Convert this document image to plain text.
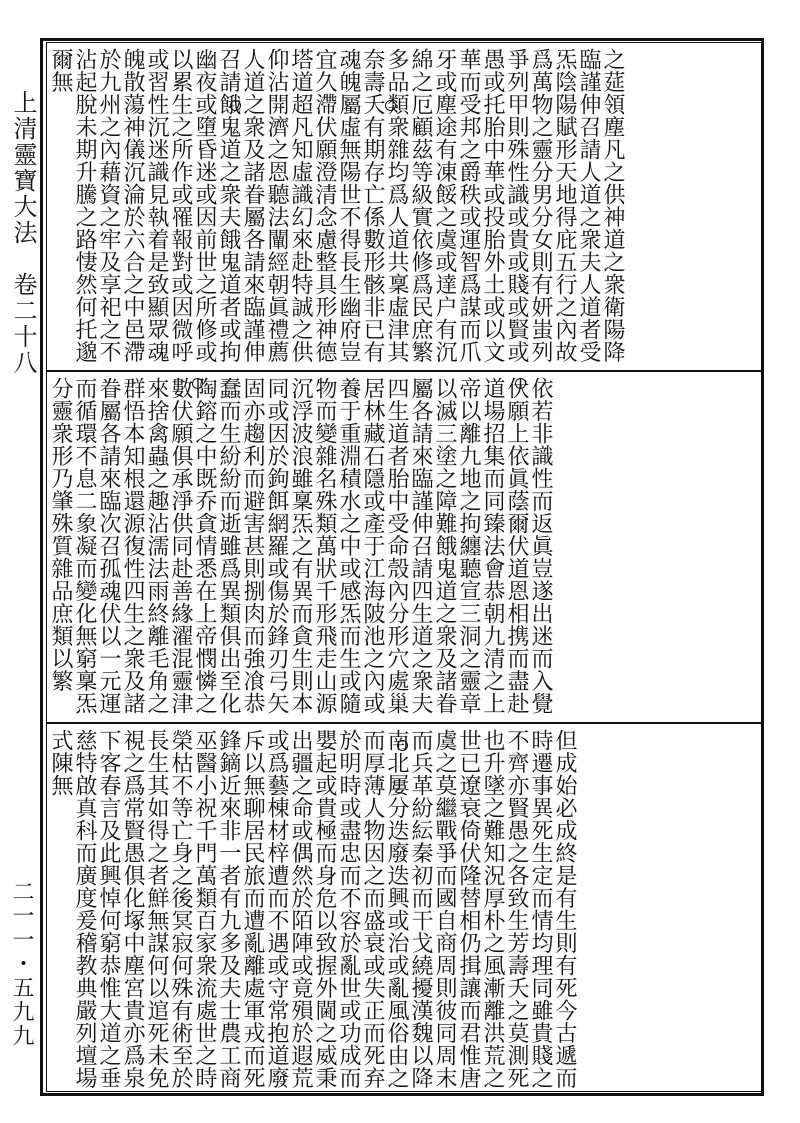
上清靈寶大法　卷二十八
二一一・五九九
之莚領塵凡之供神道之衆衛陽降臨謹伸召請人道之衆夫人道者受炁陰陽賦形天地得庇五行之內故爲萬物之靈分男分女則有妍蚩列爭列甲則殊性識或貴或賤或賢或愚或托胎中華或投胎外土或以文華而受邦之爵秩或運智爲謀而爪牙或塵途有凍餒之虞或達户有沉綿之厄顧茲等級實依修爲民庶繁多品類衆雜均爲人道共稟虛津其奈壽夭有期存亡係數形骸非已有魂魄屬虛無陽世不得長生幽府豈宜久滯伏願澄清念慮整具形神德塔道超凡知虛識幻來赴特誠之供仰沾開濟之恩聽法闡經朝眞禮薦人道之衆及諸眷屬各請來臨謹伸召請餓鬼道之衆夫餓鬼道者或拘幽夜或墮昏迷或因前世之所修或以累生之所作或罹報對或因微呼或習性沉迷識見執着是致顯眾魂魄散蕩神儀沉淪於六合之中邑滯於九州之內藉資之牢及享祀之不沾起脫未期升騰之路悽然何托邈爾無
依若非識性而返眞豈遂出迷而入覺伏願上依眞蔭爾伏道恩相携而盡赴道場招集而同臻法會恭朝九清之上帝以離九地之拘纏聽宣三洞之靈章以滅三塗之障難餓鬼道之衆及諸眷屬各請來臨謹伸召請四生道之衆夫四生道者胎中受命殼內分形穴處巢居林藏石隱或產于江海陂池之內或養于重淵積水之中或感炁而生或隨物而變雜名殊類萬狀千形飛走山源沉浮波浪雖稟炁之有異而貪生則本同或因於鉤餌網羅或傷於鋒刃弓矢固亦趨利而避害甚則捌肉而強飡恭蠢而生紛紛而逝雖爲異類俱出至化陶鎔之中既乔貪情悉在上帝憫憐之數伏願俱承淨供同赴善緣濯混靈津來捨禽蟲之趣沾濡法雨終離毛角之群悟本知根還源復性四生之衆及諸眷屬各請來臨次召孤魂伏以一元運而循環不息二象凝而變化無窮稟炁分靈衆形乃肇殊質雜品庶類以繁
但成始必成終是有生則有死今古遞而時遷事異死生定而情均理同雖貴賤之不齊亦賢愚之各致生芳壽夭之莫測死也升墜之難知況厚朴之風漸離洪荒之世已遼衰倚伏隆替相仍揖讓而君惟唐虞之莫繼戰爭而國自商周則彼同周末而兵革紛紜秦初而干戈繞擾漢魏以降南北屢分迭廢迭興或治或亂風俗由之而厚薄人物因之而盛衰或失正而死弃於明時或盡忠而不容於亂世或功成而嬰起或貴極而身危以致握外閫之威秉出疆之命或偶然於陌陣或竟殞於遐荒或爲藝棟材梓遭而不遇或守常抱道廢斥以無聊居民旅而遭亂離處軍戎而死鋒鏑近來非一者有九多及夫士農工商巫醫小祝千門萬類百家衆流處世之時榮枯不等亡身之後冥寂何殊有術至於長生其如得之者鮮無謀何以逭死未免視之爲常賢愚俱化塚中塵宮貴亦爲泉下客春言及此興悼何窮恭惟大道之垂慈特啟真科而廣度爰稽教典嚴列壇場式陳無
